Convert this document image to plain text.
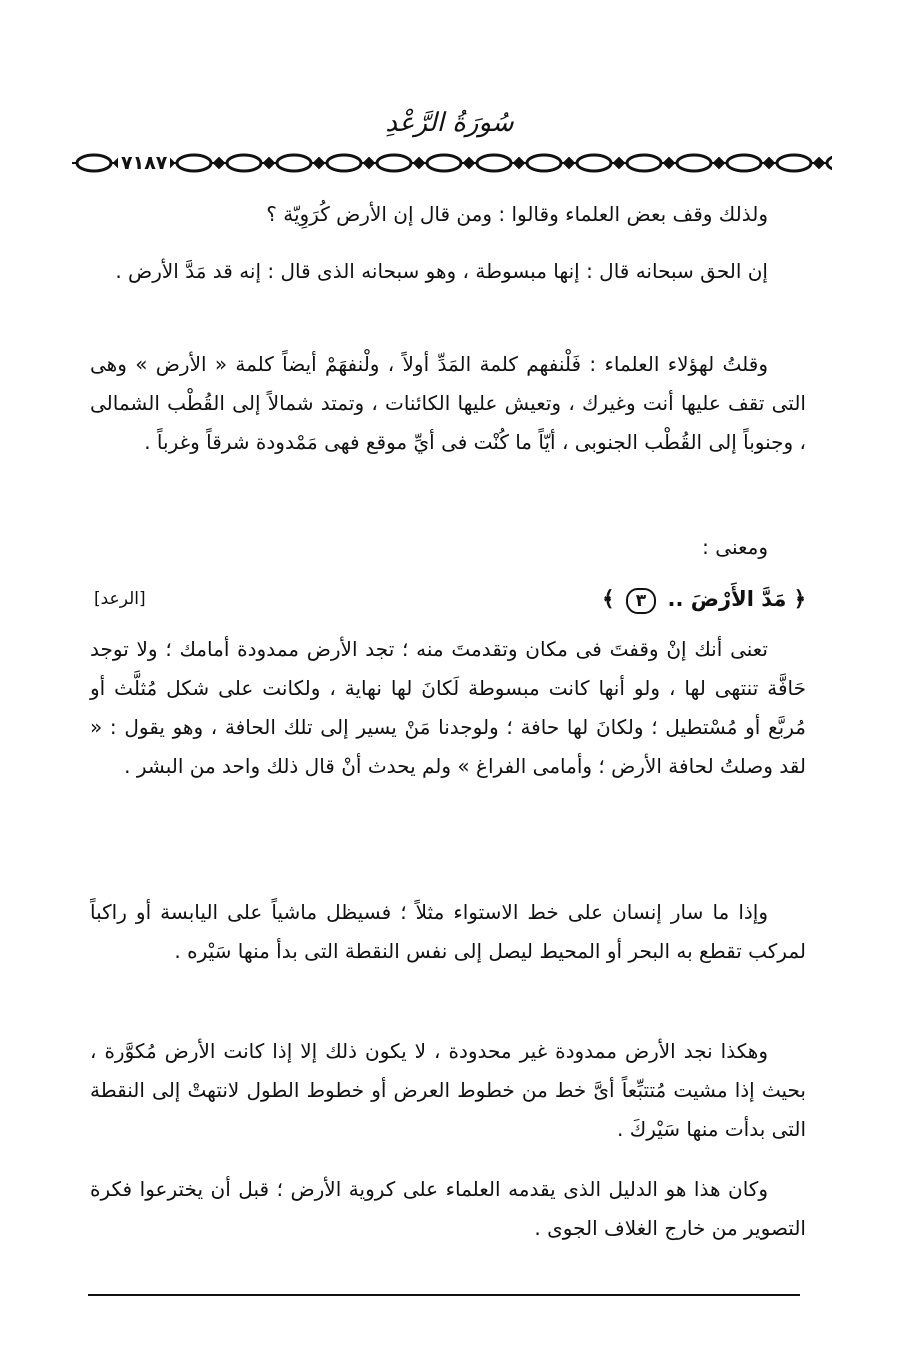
سُورَةُ الرَّعْدِ
٧١٨٧
ولذلك وقف بعض العلماء وقالوا : ومن قال إن الأرض كُرَوِيّة ؟
إن الحق سبحانه قال : إنها مبسوطة ، وهو سبحانه الذى قال : إنه قد مَدَّ الأرض .
وقلتُ لهؤلاء العلماء : فَلْنفهم كلمة المَدِّ أولاً ، ولْنفهَمْ أيضاً كلمة « الأرض » وهى التى تقف عليها أنت وغيرك ، وتعيش عليها الكائنات ، وتمتد شمالاً إلى القُطْب الشمالى ، وجنوباً إلى القُطْب الجنوبى ، أيّاً ما كُنْت فى أيِّ موقع فهى مَمْدودة شرقاً وغرباً .
ومعنى :
﴿ مَدَّ الأَرْضَ .. ٣ ﴾
[الرعد]
تعنى أنك إنْ وقفتَ فى مكان وتقدمتَ منه ؛ تجد الأرض ممدودة أمامك ؛ ولا توجد حَافَّة تنتهى لها ، ولو أنها كانت مبسوطة لَكانَ لها نهاية ، ولكانت على شكل مُثلَّث أو مُربَّع أو مُسْتطيل ؛ ولكانَ لها حافة ؛ ولوجدنا مَنْ يسير إلى تلك الحافة ، وهو يقول : « لقد وصلتُ لحافة الأرض ؛ وأمامى الفراغ » ولم يحدث أنْ قال ذلك واحد من البشر .
وإذا ما سار إنسان على خط الاستواء مثلاً ؛ فسيظل ماشياً على اليابسة أو راكباً لمركب تقطع به البحر أو المحيط ليصل إلى نفس النقطة التى بدأ منها سَيْره .
وهكذا نجد الأرض ممدودة غير محدودة ، لا يكون ذلك إلا إذا كانت الأرض مُكوَّرة ، بحيث إذا مشيت مُتتبِّعاً أىَّ خط من خطوط العرض أو خطوط الطول لانتهتْ إلى النقطة التى بدأت منها سَيْركَ .
وكان هذا هو الدليل الذى يقدمه العلماء على كروية الأرض ؛ قبل أن يخترعوا فكرة التصوير من خارج الغلاف الجوى .
